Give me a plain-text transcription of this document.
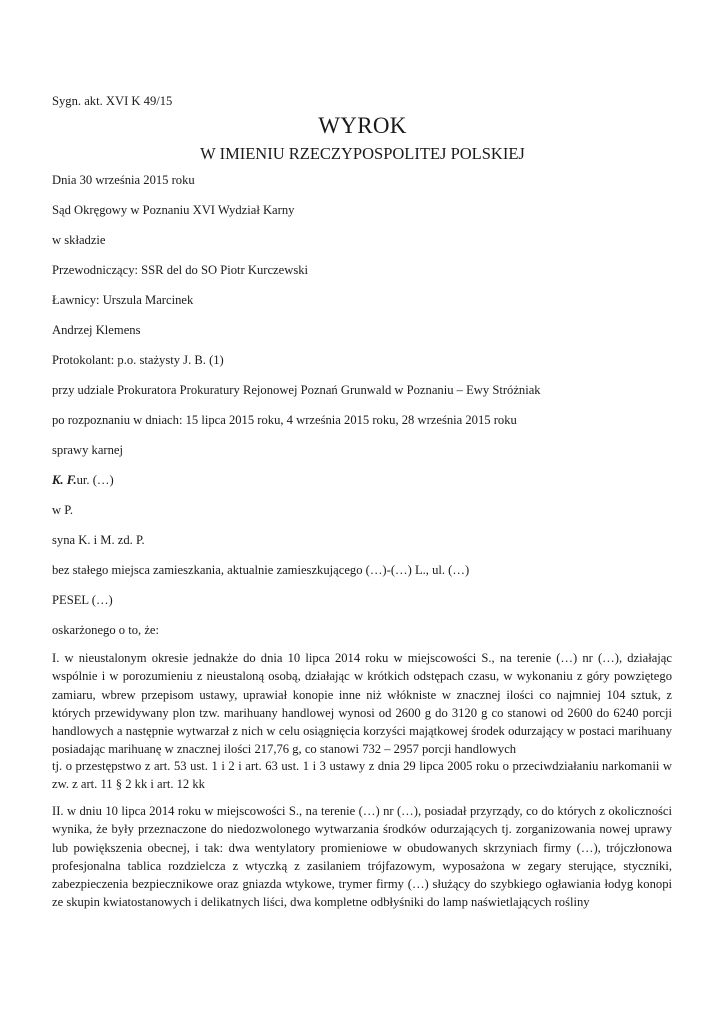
Sygn. akt. XVI K 49/15
WYROK
W IMIENIU RZECZYPOSPOLITEJ POLSKIEJ
Dnia 30 września 2015 roku
Sąd Okręgowy w Poznaniu XVI Wydział Karny
w składzie
Przewodniczący: SSR del do SO Piotr Kurczewski
Ławnicy: Urszula Marcinek
Andrzej Klemens
Protokolant: p.o. stażysty J. B. (1)
przy udziale Prokuratora Prokuratury Rejonowej Poznań Grunwald w Poznaniu – Ewy Stróżniak
po rozpoznaniu w dniach: 15 lipca 2015 roku, 4 września 2015 roku, 28 września 2015 roku
sprawy karnej
K. F.ur. (…)
w P.
syna K. i M. zd. P.
bez stałego miejsca zamieszkania, aktualnie zamieszkującego (…)-(…) L., ul. (…)
PESEL (…)
oskarżonego o to, że:
I. w nieustalonym okresie jednakże do dnia 10 lipca 2014 roku w miejscowości S., na terenie (…) nr (…), działając wspólnie i w porozumieniu z nieustaloną osobą, działając w krótkich odstępach czasu, w wykonaniu z góry powziętego zamiaru, wbrew przepisom ustawy, uprawiał konopie inne niż włókniste w znacznej ilości co najmniej 104 sztuk, z których przewidywany plon tzw. marihuany handlowej wynosi od 2600 g do 3120 g co stanowi od 2600 do 6240 porcji handlowych a następnie wytwarzał z nich w celu osiągnięcia korzyści majątkowej środek odurzający w postaci marihuany posiadając marihuanę w znacznej ilości 217,76 g, co stanowi 732 – 2957 porcji handlowych
tj. o przestępstwo z art. 53 ust. 1 i 2 i art. 63 ust. 1 i 3 ustawy z dnia 29 lipca 2005 roku o przeciwdziałaniu narkomanii w zw. z art. 11 § 2 kk i art. 12 kk
II. w dniu 10 lipca 2014 roku w miejscowości S., na terenie (…) nr (…), posiadał przyrządy, co do których z okoliczności wynika, że były przeznaczone do niedozwolonego wytwarzania środków odurzających tj. zorganizowania nowej uprawy lub powiększenia obecnej, i tak: dwa wentylatory promieniowe w obudowanych skrzyniach firmy (…), trójczłonowa profesjonalna tablica rozdzielcza z wtyczką z zasilaniem trójfazowym, wyposażona w zegary sterujące, styczniki, zabezpieczenia bezpiecznikowe oraz gniazda wtykowe, trymer firmy (…) służący do szybkiego ogławiania łodyg konopi ze skupin kwiatostanowych i delikatnych liści, dwa kompletne odbłyśniki do lamp naświetlających rośliny
